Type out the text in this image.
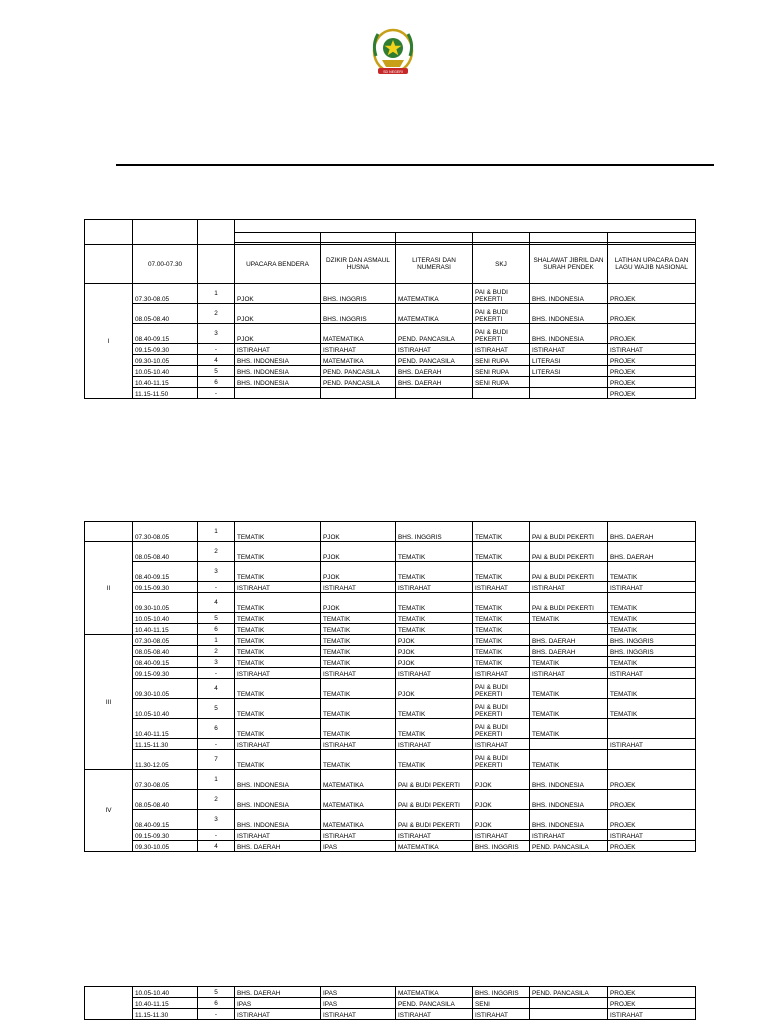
SD NEGERI

	07.00-07.30		UPACARA BENDERA	DZIKIR DAN ASMAUL HUSNA	LITERASI DAN NUMERASI	SKJ	SHALAWAT JIBRIL DAN SURAH PENDEK	LATIHAN UPACARA DAN LAGU WAJIB NASIONAL
I	07.30-08.05	1	PJOK	BHS. INGGRIS	MATEMATIKA	PAI & BUDI PEKERTI	BHS. INDONESIA	PROJEK
	08.05-08.40	2	PJOK	BHS. INGGRIS	MATEMATIKA	PAI & BUDI PEKERTI	BHS. INDONESIA	PROJEK
	08.40-09.15	3	PJOK	MATEMATIKA	PEND. PANCASILA	PAI & BUDI PEKERTI	BHS. INDONESIA	PROJEK
	09.15-09.30	-	ISTIRAHAT	ISTIRAHAT	ISTIRAHAT	ISTIRAHAT	ISTIRAHAT	ISTIRAHAT
	09.30-10.05	4	BHS. INDONESIA	MATEMATIKA	PEND. PANCASILA	SENI RUPA	LITERASI	PROJEK
	10.05-10.40	5	BHS. INDONESIA	PEND. PANCASILA	BHS. DAERAH	SENI RUPA	LITERASI	PROJEK
	10.40-11.15	6	BHS. INDONESIA	PEND. PANCASILA	BHS. DAERAH	SENI RUPA		PROJEK
	11.15-11.50	-						PROJEK
	07.30-08.05	1	TEMATIK	PJOK	BHS. INGGRIS	TEMATIK	PAI & BUDI PEKERTI	BHS. DAERAH
II	08.05-08.40	2	TEMATIK	PJOK	TEMATIK	TEMATIK	PAI & BUDI PEKERTI	BHS. DAERAH
	08.40-09.15	3	TEMATIK	PJOK	TEMATIK	TEMATIK	PAI & BUDI PEKERTI	TEMATIK
	09.15-09.30	-	ISTIRAHAT	ISTIRAHAT	ISTIRAHAT	ISTIRAHAT	ISTIRAHAT	ISTIRAHAT
	09.30-10.05	4	TEMATIK	PJOK	TEMATIK	TEMATIK	PAI & BUDI PEKERTI	TEMATIK
	10.05-10.40	5	TEMATIK	TEMATIK	TEMATIK	TEMATIK	TEMATIK	TEMATIK
	10.40-11.15	6	TEMATIK	TEMATIK	TEMATIK	TEMATIK		TEMATIK
III	07.30-08.05	1	TEMATIK	TEMATIK	PJOK	TEMATIK	BHS. DAERAH	BHS. INGGRIS
	08.05-08.40	2	TEMATIK	TEMATIK	PJOK	TEMATIK	BHS. DAERAH	BHS. INGGRIS
	08.40-09.15	3	TEMATIK	TEMATIK	PJOK	TEMATIK	TEMATIK	TEMATIK
	09.15-09.30	-	ISTIRAHAT	ISTIRAHAT	ISTIRAHAT	ISTIRAHAT	ISTIRAHAT	ISTIRAHAT
	09.30-10.05	4	TEMATIK	TEMATIK	PJOK	PAI & BUDI PEKERTI	TEMATIK	TEMATIK
	10.05-10.40	5	TEMATIK	TEMATIK	TEMATIK	PAI & BUDI PEKERTI	TEMATIK	TEMATIK
	10.40-11.15	6	TEMATIK	TEMATIK	TEMATIK	PAI & BUDI PEKERTI	TEMATIK	
	11.15-11.30	-	ISTIRAHAT	ISTIRAHAT	ISTIRAHAT	ISTIRAHAT		ISTIRAHAT
	11.30-12.05	7	TEMATIK	TEMATIK	TEMATIK	PAI & BUDI PEKERTI	TEMATIK	
IV	07.30-08.05	1	BHS. INDONESIA	MATEMATIKA	PAI & BUDI PEKERTI	PJOK	BHS. INDONESIA	PROJEK
	08.05-08.40	2	BHS. INDONESIA	MATEMATIKA	PAI & BUDI PEKERTI	PJOK	BHS. INDONESIA	PROJEK
	08.40-09.15	3	BHS. INDONESIA	MATEMATIKA	PAI & BUDI PEKERTI	PJOK	BHS. INDONESIA	PROJEK
	09.15-09.30	-	ISTIRAHAT	ISTIRAHAT	ISTIRAHAT	ISTIRAHAT	ISTIRAHAT	ISTIRAHAT
	09.30-10.05	4	BHS. DAERAH	IPAS	MATEMATIKA	BHS. INGGRIS	PEND. PANCASILA	PROJEK
	10.05-10.40	5	BHS. DAERAH	IPAS	MATEMATIKA	BHS. INGGRIS	PEND. PANCASILA	PROJEK
	10.40-11.15	6	IPAS	IPAS	PEND. PANCASILA	SENI		PROJEK
	11.15-11.30	-	ISTIRAHAT	ISTIRAHAT	ISTIRAHAT	ISTIRAHAT		ISTIRAHAT
